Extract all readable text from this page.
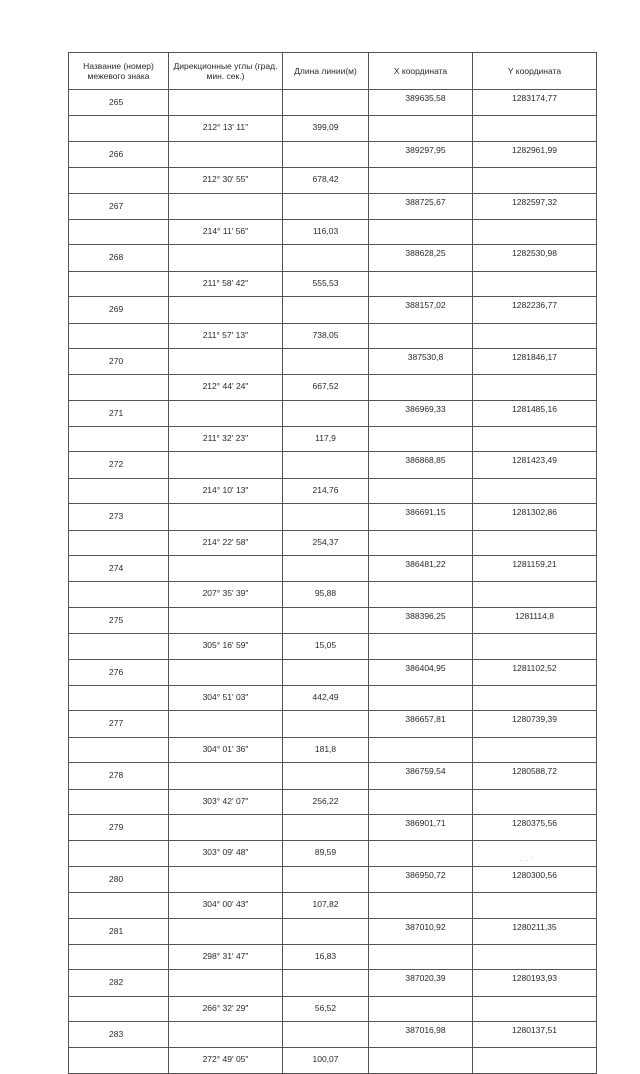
Название (номер) межевого знака	Дирекционные углы (град. мин. сек.)	Длина линии(м)	X координата	Y координата
265			389635,58	1283174,77
	212° 13' 11"	399,09		
266			389297,95	1282961,99
	212° 30' 55"	678,42		
267			388725,67	1282597,32
	214° 11' 56"	116,03		
268			388628,25	1282530,98
	211° 58' 42"	555,53		
269			388157,02	1282236,77
	211° 57' 13"	738,05		
270			387530,8	1281846,17
	212° 44' 24"	667,52		
271			386969,33	1281485,16
	211° 32' 23"	117,9		
272			386868,85	1281423,49
	214° 10' 13"	214,76		
273			386691,15	1281302,86
	214° 22' 58"	254,37		
274			386481,22	1281159,21
	207° 35' 39"	95,88		
275			388396,25	1281114,8
	305° 16' 59"	15,05		
276			386404,95	1281102,52
	304° 51' 03"	442,49		
277			386657,81	1280739,39
	304° 01' 36"	181,8		
278			386759,54	1280588,72
	303° 42' 07"	256,22		
279			386901,71	1280375,56
	303° 09' 48"	89,59		
280			386950,72	1280300,56
	304° 00' 43"	107,82		
281			387010,92	1280211,35
	298° 31' 47"	16,83		
282			387020,39	1280193,93
	266° 32' 29"	56,52		
283			387016,98	1280137,51
	272° 49' 05"	100,07		
· · ˙
